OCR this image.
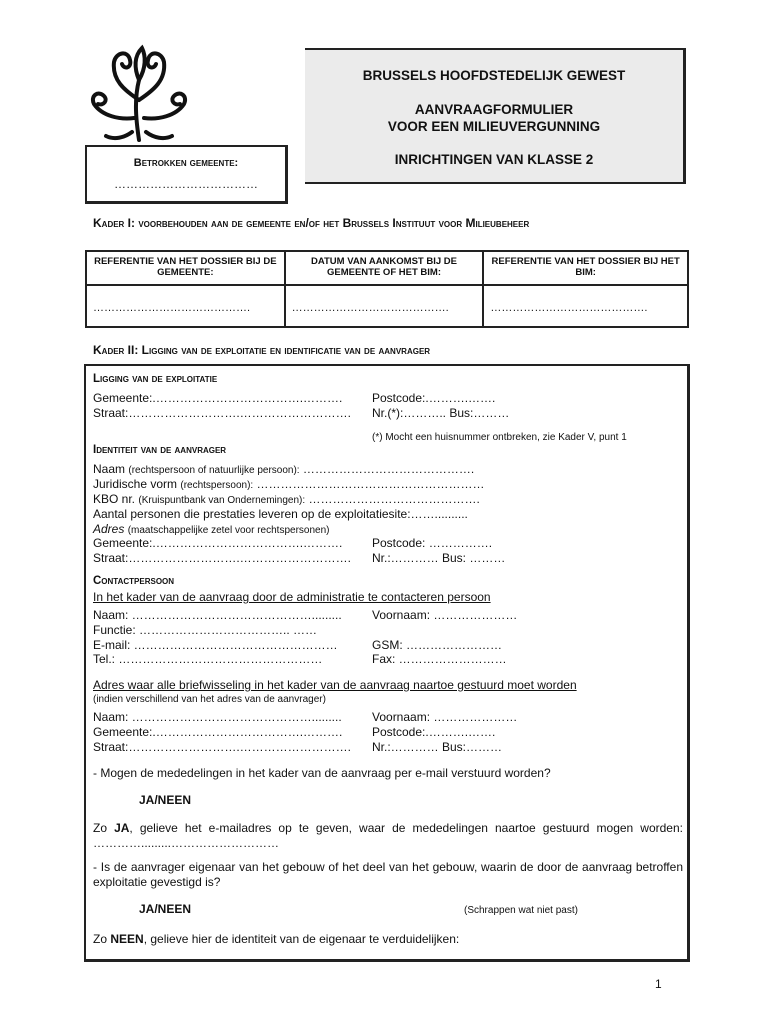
BRUSSELS HOOFDSTEDELIJK GEWEST
AANVRAAGFORMULIER
VOOR EEN MILIEUVERGUNNING
INRICHTINGEN VAN KLASSE 2
Betrokken gemeente:
………………………………
Kader I: voorbehouden aan de gemeente en/of het Brussels Instituut voor Milieubeheer
REFERENTIE VAN HET DOSSIER BIJ DE GEMEENTE:	DATUM VAN AANKOMST BIJ DE GEMEENTE OF HET BIM:	REFERENTIE VAN HET DOSSIER BIJ HET BIM:
…………………………………….	…………………………………….	…………………………………….
Kader II: Ligging van de exploitatie en identificatie van de aanvrager
Ligging van de exploitatie
Gemeente:.……………………………….………. Postcode:.……….…….
Straat:……………………….………………………. Nr.(*):……….. Bus:………
(*) Mocht een huisnummer ontbreken, zie Kader V, punt 1
Identiteit van de aanvrager
Naam (rechtspersoon of natuurlijke persoon): …………………………………….
Juridische vorm (rechtspersoon): …………………………………………………
KBO nr. (Kruispuntbank van Ondernemingen): …………………………………….
Aantal personen die prestaties leveren op de exploitatiesite:……..........
Adres (maatschappelijke zetel voor rechtspersonen)
Gemeente:.……………………………….………. Postcode: …………….
Straat:……………………….………………………. Nr.:………… Bus: ………
Contactpersoon
In het kader van de aanvraag door de administratie te contacteren persoon
Naam: ……………………………………….........	Voornaam: …………………
Functie: ……………………………….. ……
E-mail: ……………………………………………	GSM: ……………………
Tel.: ……………………………………………	Fax: ………………………
Adres waar alle briefwisseling in het kader van de aanvraag naartoe gestuurd moet worden
(indien verschillend van het adres van de aanvrager)
Naam: ……………………………………….........	Voornaam: …………………
Gemeente:.……………………………….………. Postcode:.……….…….
Straat:……………………….………………………. Nr.:………… Bus:………
- Mogen de mededelingen in het kader van de aanvraag per e-mail verstuurd worden?
JA/NEEN
Zo JA, gelieve het e-mailadres op te geven, waar de mededelingen naartoe gestuurd mogen worden: ………….........………………………
- Is de aanvrager eigenaar van het gebouw of het deel van het gebouw, waarin de door de aanvraag betroffen exploitatie gevestigd is?
JA/NEEN	(Schrappen wat niet past)
Zo NEEN, gelieve hier de identiteit van de eigenaar te verduidelijken:
1
